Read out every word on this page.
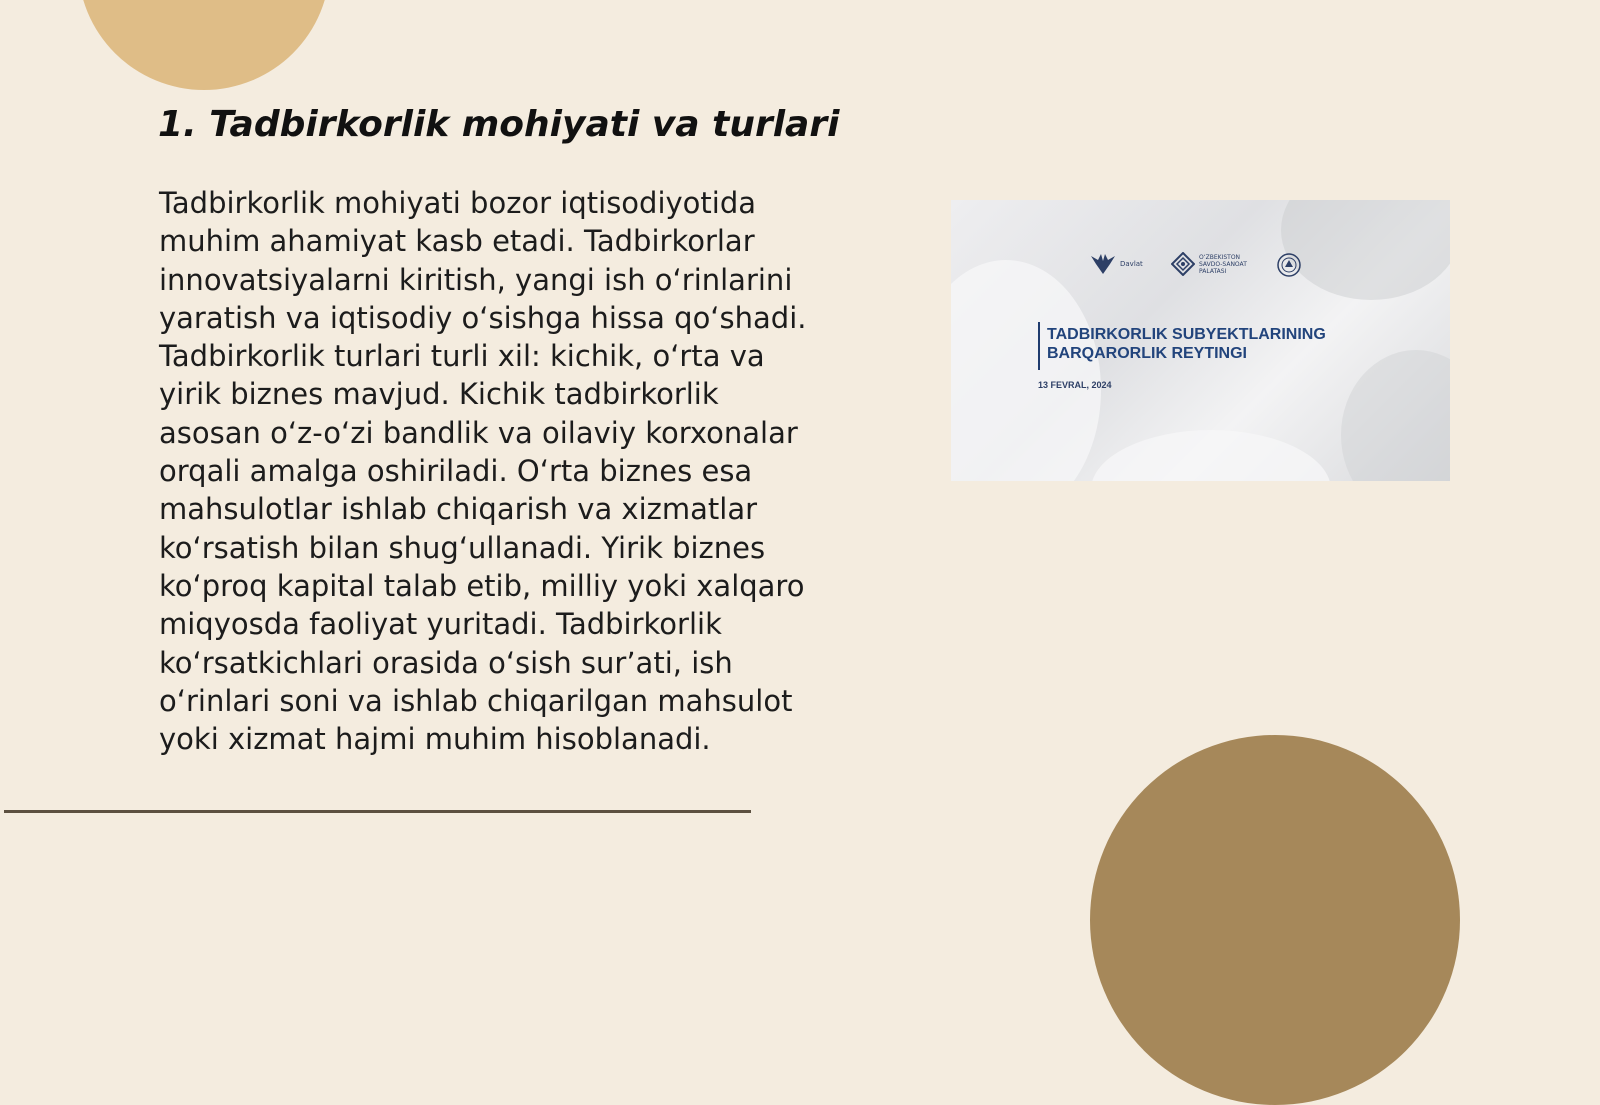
1. Tadbirkorlik mohiyati va turlari
Tadbirkorlik mohiyati bozor iqtisodiyotida
muhim ahamiyat kasb etadi. Tadbirkorlar
innovatsiyalarni kiritish, yangi ish oʻrinlarini
yaratish va iqtisodiy oʻsishga hissa qoʻshadi.
Tadbirkorlik turlari turli xil: kichik, oʻrta va
yirik biznes mavjud. Kichik tadbirkorlik
asosan oʻz-oʻzi bandlik va oilaviy korxonalar
orqali amalga oshiriladi. Oʻrta biznes esa
mahsulotlar ishlab chiqarish va xizmatlar
koʻrsatish bilan shugʻullanadi. Yirik biznes
koʻproq kapital talab etib, milliy yoki xalqaro
miqyosda faoliyat yuritadi. Tadbirkorlik
koʻrsatkichlari orasida oʻsish surʼati, ish
oʻrinlari soni va ishlab chiqarilgan mahsulot
yoki xizmat hajmi muhim hisoblanadi.
Davlat
OʻZBEKISTON
SAVDO-SANOAT
PALATASI
TADBIRKORLIK SUBYEKTLARINING
BARQARORLIK REYTINGI
13 FEVRAL, 2024
